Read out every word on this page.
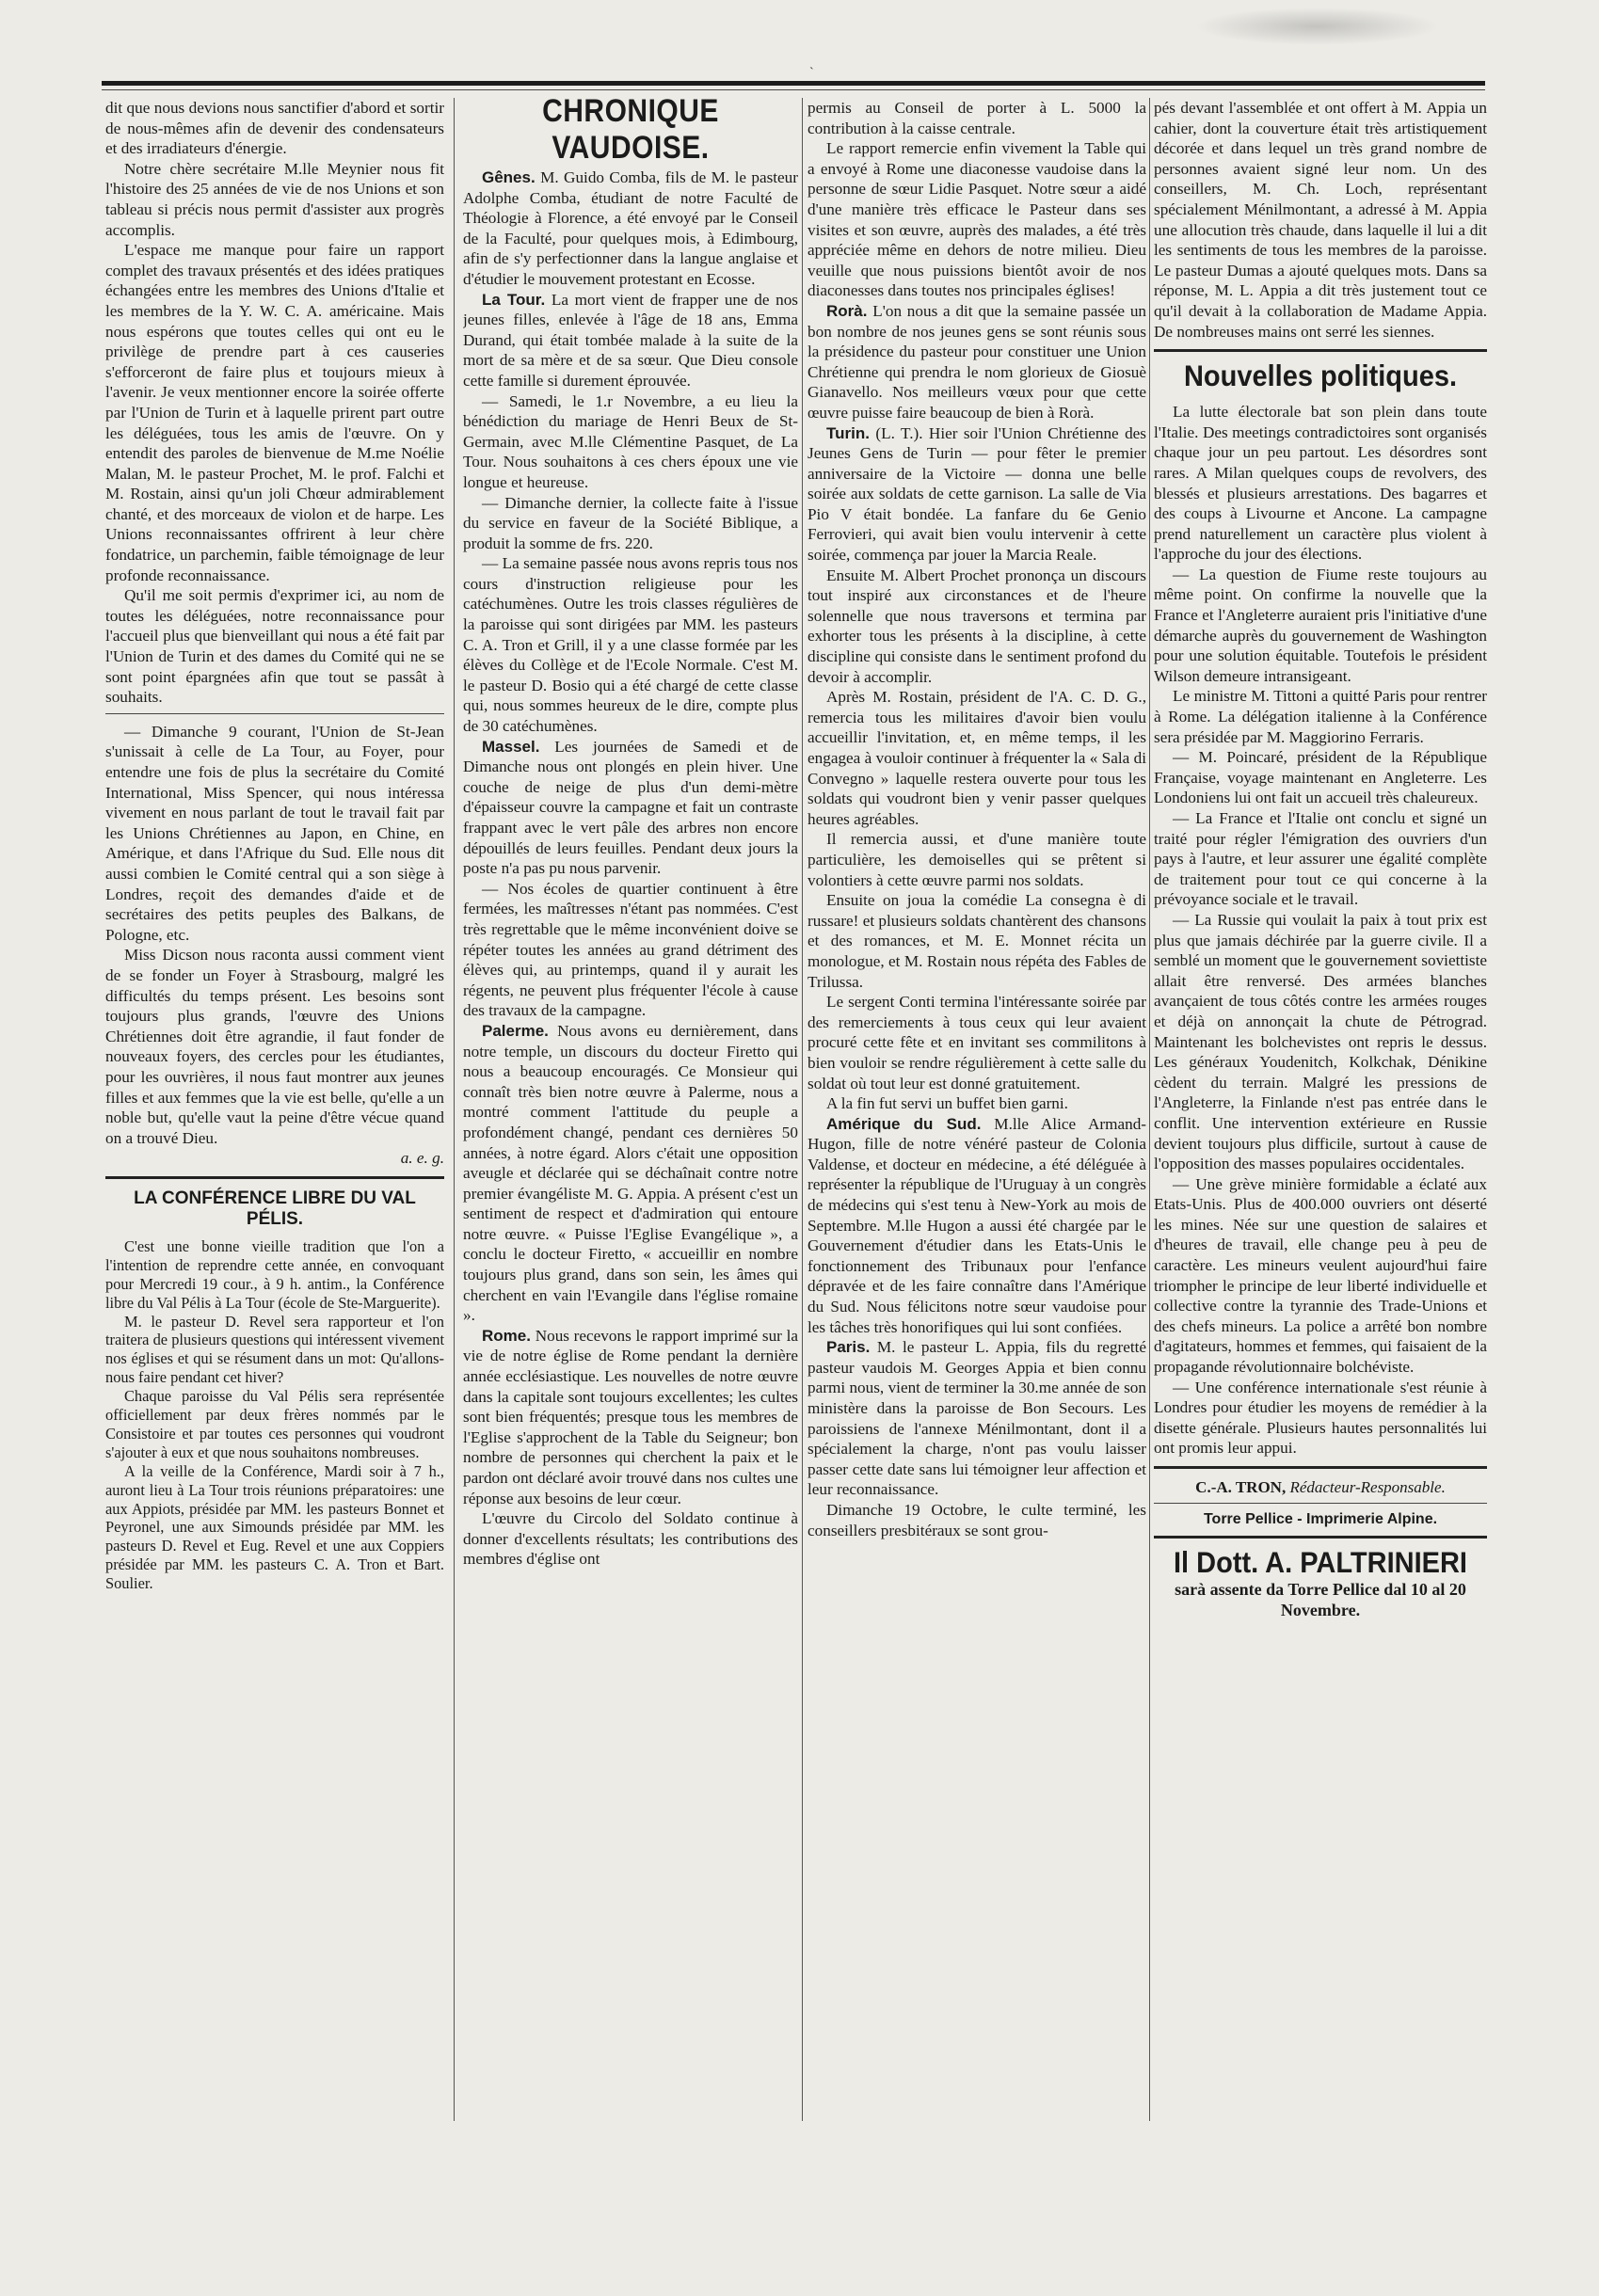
ˋ

dit que nous devions nous sanctifier d'abord et sortir de nous-mêmes afin de devenir des condensateurs et des irradiateurs d'énergie.

Notre chère secrétaire M.lle Meynier nous fit l'histoire des 25 années de vie de nos Unions et son tableau si précis nous permit d'assister aux progrès accomplis.

L'espace me manque pour faire un rapport complet des travaux présentés et des idées pratiques échangées entre les membres des Unions d'Italie et les membres de la Y. W. C. A. américaine. Mais nous espérons que toutes celles qui ont eu le privilège de prendre part à ces causeries s'efforceront de faire plus et toujours mieux à l'avenir. Je veux mentionner encore la soirée offerte par l'Union de Turin et à laquelle prirent part outre les déléguées, tous les amis de l'œuvre. On y entendit des paroles de bienvenue de M.me Noélie Malan, M. le pasteur Prochet, M. le prof. Falchi et M. Rostain, ainsi qu'un joli Chœur admirablement chanté, et des morceaux de violon et de harpe. Les Unions reconnaissantes offrirent à leur chère fondatrice, un parchemin, faible témoignage de leur profonde reconnaissance.

Qu'il me soit permis d'exprimer ici, au nom de toutes les déléguées, notre reconnaissance pour l'accueil plus que bienveillant qui nous a été fait par l'Union de Turin et des dames du Comité qui ne se sont point épargnées afin que tout se passât à souhaits.

— Dimanche 9 courant, l'Union de St-Jean s'unissait à celle de La Tour, au Foyer, pour entendre une fois de plus la secrétaire du Comité International, Miss Spencer, qui nous intéressa vivement en nous parlant de tout le travail fait par les Unions Chrétiennes au Japon, en Chine, en Amérique, et dans l'Afrique du Sud. Elle nous dit aussi combien le Comité central qui a son siège à Londres, reçoit des demandes d'aide et de secrétaires des petits peuples des Balkans, de Pologne, etc.

Miss Dicson nous raconta aussi comment vient de se fonder un Foyer à Strasbourg, malgré les difficultés du temps présent. Les besoins sont toujours plus grands, l'œuvre des Unions Chrétiennes doit être agrandie, il faut fonder de nouveaux foyers, des cercles pour les étudiantes, pour les ouvrières, il nous faut montrer aux jeunes filles et aux femmes que la vie est belle, qu'elle a un noble but, qu'elle vaut la peine d'être vécue quand on a trouvé Dieu.

a. e. g.

LA CONFÉRENCE LIBRE DU VAL PÉLIS.

C'est une bonne vieille tradition que l'on a l'intention de reprendre cette année, en convoquant pour Mercredi 19 cour., à 9 h. antim., la Conférence libre du Val Pélis à La Tour (école de Ste-Marguerite).

M. le pasteur D. Revel sera rapporteur et l'on traitera de plusieurs questions qui intéressent vivement nos églises et qui se résument dans un mot: Qu'allons-nous faire pendant cet hiver?

Chaque paroisse du Val Pélis sera représentée officiellement par deux frères nommés par le Consistoire et par toutes ces personnes qui voudront s'ajouter à eux et que nous souhaitons nombreuses.

A la veille de la Conférence, Mardi soir à 7 h., auront lieu à La Tour trois réunions préparatoires: une aux Appiots, présidée par MM. les pasteurs Bonnet et Peyronel, une aux Simounds présidée par MM. les pasteurs D. Revel et Eug. Revel et une aux Coppiers présidée par MM. les pasteurs C. A. Tron et Bart. Soulier.

CHRONIQUE VAUDOISE.

Gênes. M. Guido Comba, fils de M. le pasteur Adolphe Comba, étudiant de notre Faculté de Théologie à Florence, a été envoyé par le Conseil de la Faculté, pour quelques mois, à Edimbourg, afin de s'y perfectionner dans la langue anglaise et d'étudier le mouvement protestant en Ecosse.

La Tour. La mort vient de frapper une de nos jeunes filles, enlevée à l'âge de 18 ans, Emma Durand, qui était tombée malade à la suite de la mort de sa mère et de sa sœur. Que Dieu console cette famille si durement éprouvée.

— Samedi, le 1.r Novembre, a eu lieu la bénédiction du mariage de Henri Beux de St-Germain, avec M.lle Clémentine Pasquet, de La Tour. Nous souhaitons à ces chers époux une vie longue et heureuse.

— Dimanche dernier, la collecte faite à l'issue du service en faveur de la Société Biblique, a produit la somme de frs. 220.

— La semaine passée nous avons repris tous nos cours d'instruction religieuse pour les catéchumènes. Outre les trois classes régulières de la paroisse qui sont dirigées par MM. les pasteurs C. A. Tron et Grill, il y a une classe formée par les élèves du Collège et de l'Ecole Normale. C'est M. le pasteur D. Bosio qui a été chargé de cette classe qui, nous sommes heureux de le dire, compte plus de 30 catéchumènes.

Massel. Les journées de Samedi et de Dimanche nous ont plongés en plein hiver. Une couche de neige de plus d'un demi-mètre d'épaisseur couvre la campagne et fait un contraste frappant avec le vert pâle des arbres non encore dépouillés de leurs feuilles. Pendant deux jours la poste n'a pas pu nous parvenir.

— Nos écoles de quartier continuent à être fermées, les maîtresses n'étant pas nommées. C'est très regrettable que le même inconvénient doive se répéter toutes les années au grand détriment des élèves qui, au printemps, quand il y aurait les régents, ne peuvent plus fréquenter l'école à cause des travaux de la campagne.

Palerme. Nous avons eu dernièrement, dans notre temple, un discours du docteur Firetto qui nous a beaucoup encouragés. Ce Monsieur qui connaît très bien notre œuvre à Palerme, nous a montré comment l'attitude du peuple a profondément changé, pendant ces dernières 50 années, à notre égard. Alors c'était une opposition aveugle et déclarée qui se déchaînait contre notre premier évangéliste M. G. Appia. A présent c'est un sentiment de respect et d'admiration qui entoure notre œuvre. « Puisse l'Eglise Evangélique », a conclu le docteur Firetto, « accueillir en nombre toujours plus grand, dans son sein, les âmes qui cherchent en vain l'Evangile dans l'église romaine ».

Rome. Nous recevons le rapport imprimé sur la vie de notre église de Rome pendant la dernière année ecclésiastique. Les nouvelles de notre œuvre dans la capitale sont toujours excellentes; les cultes sont bien fréquentés; presque tous les membres de l'Eglise s'approchent de la Table du Seigneur; bon nombre de personnes qui cherchent la paix et le pardon ont déclaré avoir trouvé dans nos cultes une réponse aux besoins de leur cœur.

L'œuvre du Circolo del Soldato continue à donner d'excellents résultats; les contributions des membres d'église ont

permis au Conseil de porter à L. 5000 la contribution à la caisse centrale.

Le rapport remercie enfin vivement la Table qui a envoyé à Rome une diaconesse vaudoise dans la personne de sœur Lidie Pasquet. Notre sœur a aidé d'une manière très efficace le Pasteur dans ses visites et son œuvre, auprès des malades, a été très appréciée même en dehors de notre milieu. Dieu veuille que nous puissions bientôt avoir de nos diaconesses dans toutes nos principales églises!

Rorà. L'on nous a dit que la semaine passée un bon nombre de nos jeunes gens se sont réunis sous la présidence du pasteur pour constituer une Union Chrétienne qui prendra le nom glorieux de Giosuè Gianavello. Nos meilleurs vœux pour que cette œuvre puisse faire beaucoup de bien à Rorà.

Turin. (L. T.). Hier soir l'Union Chrétienne des Jeunes Gens de Turin — pour fêter le premier anniversaire de la Victoire — donna une belle soirée aux soldats de cette garnison. La salle de Via Pio V était bondée. La fanfare du 6e Genio Ferrovieri, qui avait bien voulu intervenir à cette soirée, commença par jouer la Marcia Reale.

Ensuite M. Albert Prochet prononça un discours tout inspiré aux circonstances et de l'heure solennelle que nous traversons et termina par exhorter tous les présents à la discipline, à cette discipline qui consiste dans le sentiment profond du devoir à accomplir.

Après M. Rostain, président de l'A. C. D. G., remercia tous les militaires d'avoir bien voulu accueillir l'invitation, et, en même temps, il les engagea à vouloir continuer à fréquenter la « Sala di Convegno » laquelle restera ouverte pour tous les soldats qui voudront bien y venir passer quelques heures agréables.

Il remercia aussi, et d'une manière toute particulière, les demoiselles qui se prêtent si volontiers à cette œuvre parmi nos soldats.

Ensuite on joua la comédie La consegna è di russare! et plusieurs soldats chantèrent des chansons et des romances, et M. E. Monnet récita un monologue, et M. Rostain nous répéta des Fables de Trilussa.

Le sergent Conti termina l'intéressante soirée par des remerciements à tous ceux qui leur avaient procuré cette fête et en invitant ses commilitons à bien vouloir se rendre régulièrement à cette salle du soldat où tout leur est donné gratuitement.

A la fin fut servi un buffet bien garni.

Amérique du Sud. M.lle Alice Armand-Hugon, fille de notre vénéré pasteur de Colonia Valdense, et docteur en médecine, a été déléguée à représenter la république de l'Uruguay à un congrès de médecins qui s'est tenu à New-York au mois de Septembre. M.lle Hugon a aussi été chargée par le Gouvernement d'étudier dans les Etats-Unis le fonctionnement des Tribunaux pour l'enfance dépravée et de les faire connaître dans l'Amérique du Sud. Nous félicitons notre sœur vaudoise pour les tâches très honorifiques qui lui sont confiées.

Paris. M. le pasteur L. Appia, fils du regretté pasteur vaudois M. Georges Appia et bien connu parmi nous, vient de terminer la 30.me année de son ministère dans la paroisse de Bon Secours. Les paroissiens de l'annexe Ménilmontant, dont il a spécialement la charge, n'ont pas voulu laisser passer cette date sans lui témoigner leur affection et leur reconnaissance.

Dimanche 19 Octobre, le culte terminé, les conseillers presbitéraux se sont grou-

pés devant l'assemblée et ont offert à M. Appia un cahier, dont la couverture était très artistiquement décorée et dans lequel un très grand nombre de personnes avaient signé leur nom. Un des conseillers, M. Ch. Loch, représentant spécialement Ménilmontant, a adressé à M. Appia une allocution très chaude, dans laquelle il lui a dit les sentiments de tous les membres de la paroisse. Le pasteur Dumas a ajouté quelques mots. Dans sa réponse, M. L. Appia a dit très justement tout ce qu'il devait à la collaboration de Madame Appia. De nombreuses mains ont serré les siennes.

Nouvelles politiques.

La lutte électorale bat son plein dans toute l'Italie. Des meetings contradictoires sont organisés chaque jour un peu partout. Les désordres sont rares. A Milan quelques coups de revolvers, des blessés et plusieurs arrestations. Des bagarres et des coups à Livourne et Ancone. La campagne prend naturellement un caractère plus violent à l'approche du jour des élections.

— La question de Fiume reste toujours au même point. On confirme la nouvelle que la France et l'Angleterre auraient pris l'initiative d'une démarche auprès du gouvernement de Washington pour une solution équitable. Toutefois le président Wilson demeure intransigeant.

Le ministre M. Tittoni a quitté Paris pour rentrer à Rome. La délégation italienne à la Conférence sera présidée par M. Maggiorino Ferraris.

— M. Poincaré, président de la République Française, voyage maintenant en Angleterre. Les Londoniens lui ont fait un accueil très chaleureux.

— La France et l'Italie ont conclu et signé un traité pour régler l'émigration des ouvriers d'un pays à l'autre, et leur assurer une égalité complète de traitement pour tout ce qui concerne à la prévoyance sociale et le travail.

— La Russie qui voulait la paix à tout prix est plus que jamais déchirée par la guerre civile. Il a semblé un moment que le gouvernement soviettiste allait être renversé. Des armées blanches avançaient de tous côtés contre les armées rouges et déjà on annonçait la chute de Pétrograd. Maintenant les bolchevistes ont repris le dessus. Les généraux Youdenitch, Kolkchak, Dénikine cèdent du terrain. Malgré les pressions de l'Angleterre, la Finlande n'est pas entrée dans le conflit. Une intervention extérieure en Russie devient toujours plus difficile, surtout à cause de l'opposition des masses populaires occidentales.

— Une grève minière formidable a éclaté aux Etats-Unis. Plus de 400.000 ouvriers ont déserté les mines. Née sur une question de salaires et d'heures de travail, elle change peu à peu de caractère. Les mineurs veulent aujourd'hui faire triompher le principe de leur liberté individuelle et collective contre la tyrannie des Trade-Unions et des chefs mineurs. La police a arrêté bon nombre d'agitateurs, hommes et femmes, qui faisaient de la propagande révolutionnaire bolchéviste.

— Une conférence internationale s'est réunie à Londres pour étudier les moyens de remédier à la disette générale. Plusieurs hautes personnalités lui ont promis leur appui.

C.-A. TRON, Rédacteur-Responsable.
Torre Pellice - Imprimerie Alpine.
Il Dott. A. PALTRINIERI
sarà assente da Torre Pellice dal 10 al 20 Novembre.
